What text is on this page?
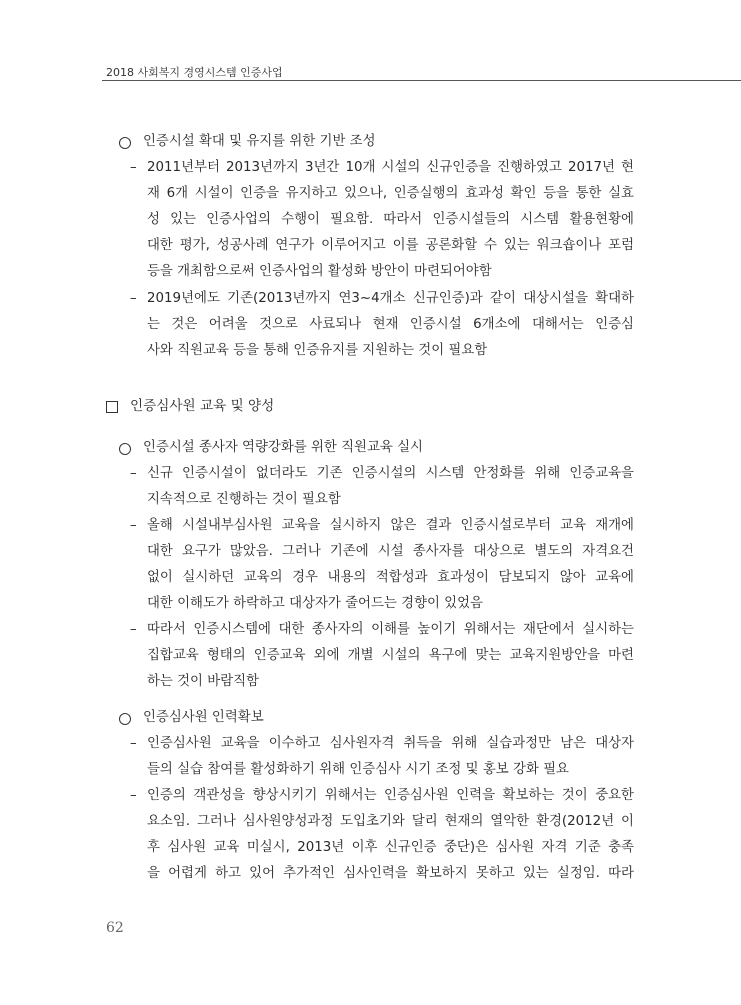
2018 사회복지 경영시스템 인증사업
인증시설 확대 및 유지를 위한 기반 조성
– 2011년부터 2013년까지 3년간 10개 시설의 신규인증을 진행하였고 2017년 현
재 6개 시설이 인증을 유지하고 있으나, 인증실행의 효과성 확인 등을 통한 실효
성 있는 인증사업의 수행이 필요함. 따라서 인증시설들의 시스템 활용현황에
대한 평가, 성공사례 연구가 이루어지고 이를 공론화할 수 있는 워크숍이나 포럼
등을 개최함으로써 인증사업의 활성화 방안이 마련되어야함
– 2019년에도 기존(2013년까지 연3~4개소 신규인증)과 같이 대상시설을 확대하
는 것은 어려울 것으로 사료되나 현재 인증시설 6개소에 대해서는 인증심
사와 직원교육 등을 통해 인증유지를 지원하는 것이 필요함
인증심사원 교육 및 양성
인증시설 종사자 역량강화를 위한 직원교육 실시
– 신규 인증시설이 없더라도 기존 인증시설의 시스템 안정화를 위해 인증교육을
지속적으로 진행하는 것이 필요함
– 올해 시설내부심사원 교육을 실시하지 않은 결과 인증시설로부터 교육 재개에
대한 요구가 많았음. 그러나 기존에 시설 종사자를 대상으로 별도의 자격요건
없이 실시하던 교육의 경우 내용의 적합성과 효과성이 담보되지 않아 교육에
대한 이해도가 하락하고 대상자가 줄어드는 경향이 있었음
– 따라서 인증시스템에 대한 종사자의 이해를 높이기 위해서는 재단에서 실시하는
집합교육 형태의 인증교육 외에 개별 시설의 욕구에 맞는 교육지원방안을 마련
하는 것이 바람직함
인증심사원 인력확보
– 인증심사원 교육을 이수하고 심사원자격 취득을 위해 실습과정만 남은 대상자
들의 실습 참여를 활성화하기 위해 인증심사 시기 조정 및 홍보 강화 필요
– 인증의 객관성을 향상시키기 위해서는 인증심사원 인력을 확보하는 것이 중요한
요소임. 그러나 심사원양성과정 도입초기와 달리 현재의 열악한 환경(2012년 이
후 심사원 교육 미실시, 2013년 이후 신규인증 중단)은 심사원 자격 기준 충족
을 어렵게 하고 있어 추가적인 심사인력을 확보하지 못하고 있는 실정임. 따라
62
